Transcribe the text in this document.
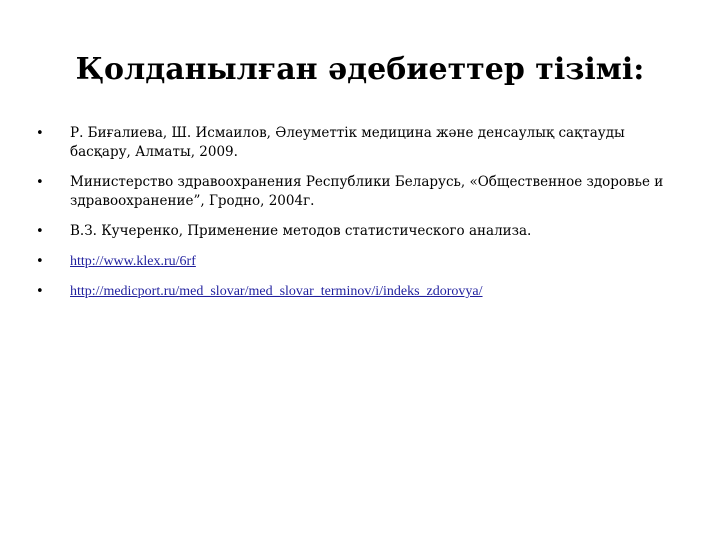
Қолданылған әдебиеттер тізімі:
•	Р. Биғалиева, Ш. Исмаилов, Әлеуметтік медицина және денсаулық сақтауды басқару, Алматы, 2009.
•	Министерство здравоохранения Республики Беларусь, «Общественное здоровье и здравоохранение”, Гродно, 2004г.
•	В.З. Кучеренко, Применение методов статистического анализа.
•	http://www.klex.ru/6rf
•	http://medicport.ru/med_slovar/med_slovar_terminov/i/indeks_zdorovya/
